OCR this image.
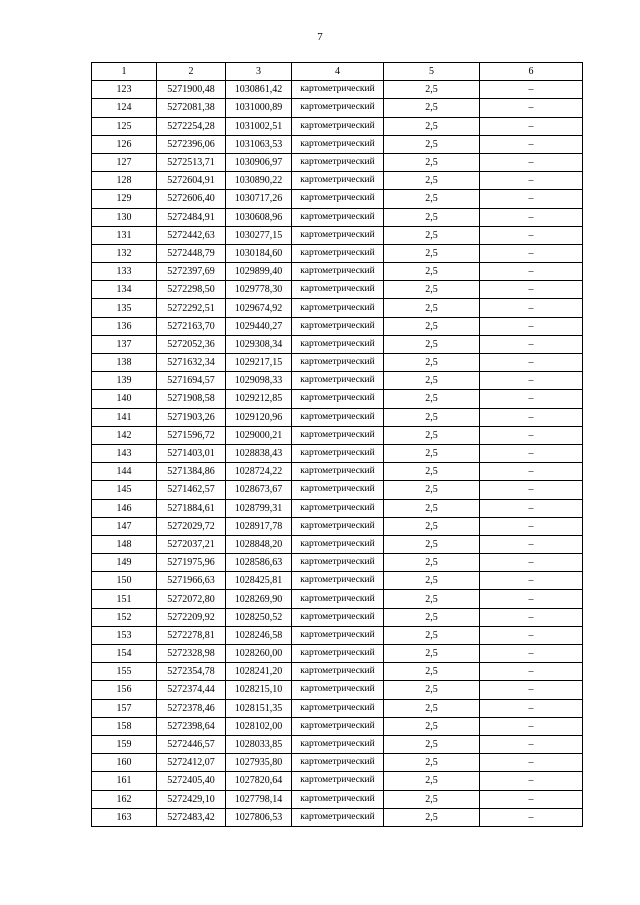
7
1	2	3	4	5	6
123	5271900,48	1030861,42	картометрический	2,5	–
124	5272081,38	1031000,89	картометрический	2,5	–
125	5272254,28	1031002,51	картометрический	2,5	–
126	5272396,06	1031063,53	картометрический	2,5	–
127	5272513,71	1030906,97	картометрический	2,5	–
128	5272604,91	1030890,22	картометрический	2,5	–
129	5272606,40	1030717,26	картометрический	2,5	–
130	5272484,91	1030608,96	картометрический	2,5	–
131	5272442,63	1030277,15	картометрический	2,5	–
132	5272448,79	1030184,60	картометрический	2,5	–
133	5272397,69	1029899,40	картометрический	2,5	–
134	5272298,50	1029778,30	картометрический	2,5	–
135	5272292,51	1029674,92	картометрический	2,5	–
136	5272163,70	1029440,27	картометрический	2,5	–
137	5272052,36	1029308,34	картометрический	2,5	–
138	5271632,34	1029217,15	картометрический	2,5	–
139	5271694,57	1029098,33	картометрический	2,5	–
140	5271908,58	1029212,85	картометрический	2,5	–
141	5271903,26	1029120,96	картометрический	2,5	–
142	5271596,72	1029000,21	картометрический	2,5	–
143	5271403,01	1028838,43	картометрический	2,5	–
144	5271384,86	1028724,22	картометрический	2,5	–
145	5271462,57	1028673,67	картометрический	2,5	–
146	5271884,61	1028799,31	картометрический	2,5	–
147	5272029,72	1028917,78	картометрический	2,5	–
148	5272037,21	1028848,20	картометрический	2,5	–
149	5271975,96	1028586,63	картометрический	2,5	–
150	5271966,63	1028425,81	картометрический	2,5	–
151	5272072,80	1028269,90	картометрический	2,5	–
152	5272209,92	1028250,52	картометрический	2,5	–
153	5272278,81	1028246,58	картометрический	2,5	–
154	5272328,98	1028260,00	картометрический	2,5	–
155	5272354,78	1028241,20	картометрический	2,5	–
156	5272374,44	1028215,10	картометрический	2,5	–
157	5272378,46	1028151,35	картометрический	2,5	–
158	5272398,64	1028102,00	картометрический	2,5	–
159	5272446,57	1028033,85	картометрический	2,5	–
160	5272412,07	1027935,80	картометрический	2,5	–
161	5272405,40	1027820,64	картометрический	2,5	–
162	5272429,10	1027798,14	картометрический	2,5	–
163	5272483,42	1027806,53	картометрический	2,5	–
